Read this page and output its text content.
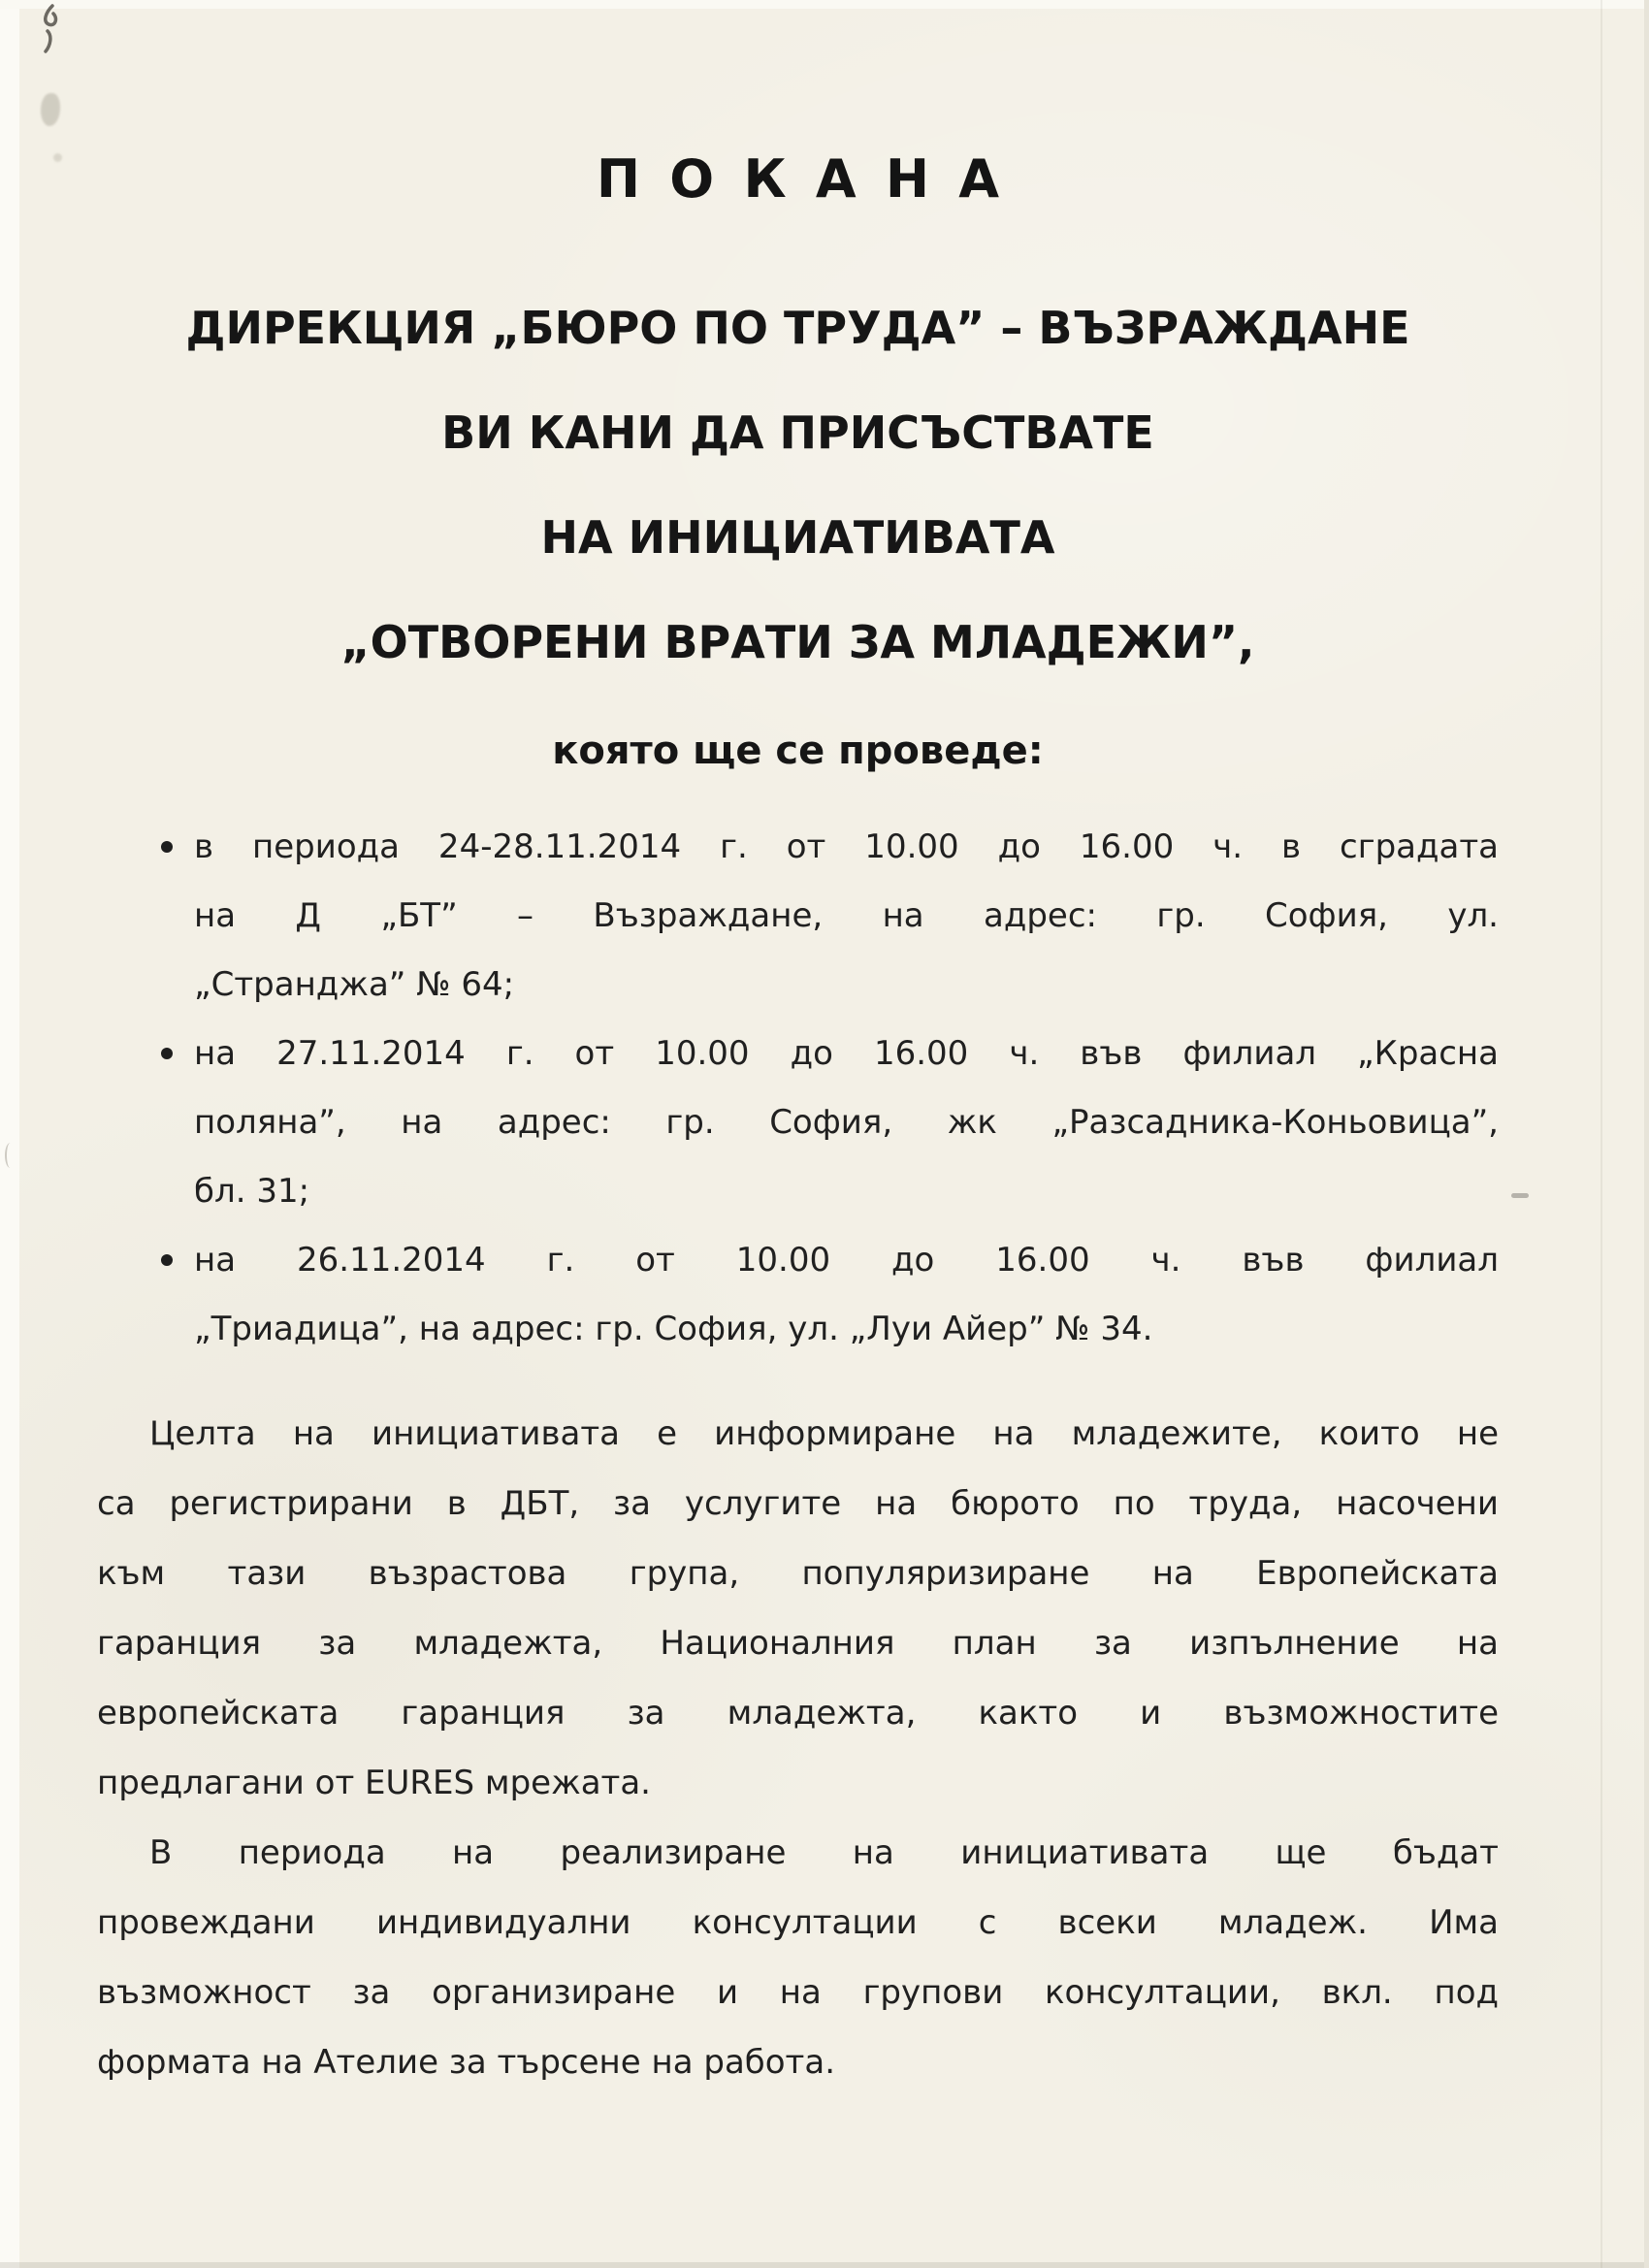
ПОКАНА
ДИРЕКЦИЯ „БЮРО ПО ТРУДА” – ВЪЗРАЖДАНЕ
ВИ КАНИ ДА ПРИСЪСТВАТЕ
НА ИНИЦИАТИВАТА
„ОТВОРЕНИ ВРАТИ ЗА МЛАДЕЖИ”,
която ще се проведе:
в периода 24-28.11.2014 г. от 10.00 до 16.00 ч. в сградата
на Д „БТ” – Възраждане, на адрес: гр. София, ул.
„Странджа” № 64;
на 27.11.2014 г. от 10.00 до 16.00 ч. във филиал „Красна
поляна”, на адрес: гр. София, жк „Разсадника-Коньовица”,
бл. 31;
на 26.11.2014 г. от 10.00 до 16.00 ч. във филиал
„Триадица”, на адрес: гр. София, ул. „Луи Айер” № 34.
Целта на инициативата е информиране на младежите, които не
са регистрирани в ДБТ, за услугите на бюрото по труда, насочени
към тази възрастова група, популяризиране на Европейската
гаранция за младежта, Националния план за изпълнение на
европейската гаранция за младежта, както и възможностите
предлагани от EURES мрежата.
В периода на реализиране на инициативата ще бъдат
провеждани индивидуални консултации с всеки младеж. Има
възможност за организиране и на групови консултации, вкл. под
формата на Ателие за търсене на работа.
